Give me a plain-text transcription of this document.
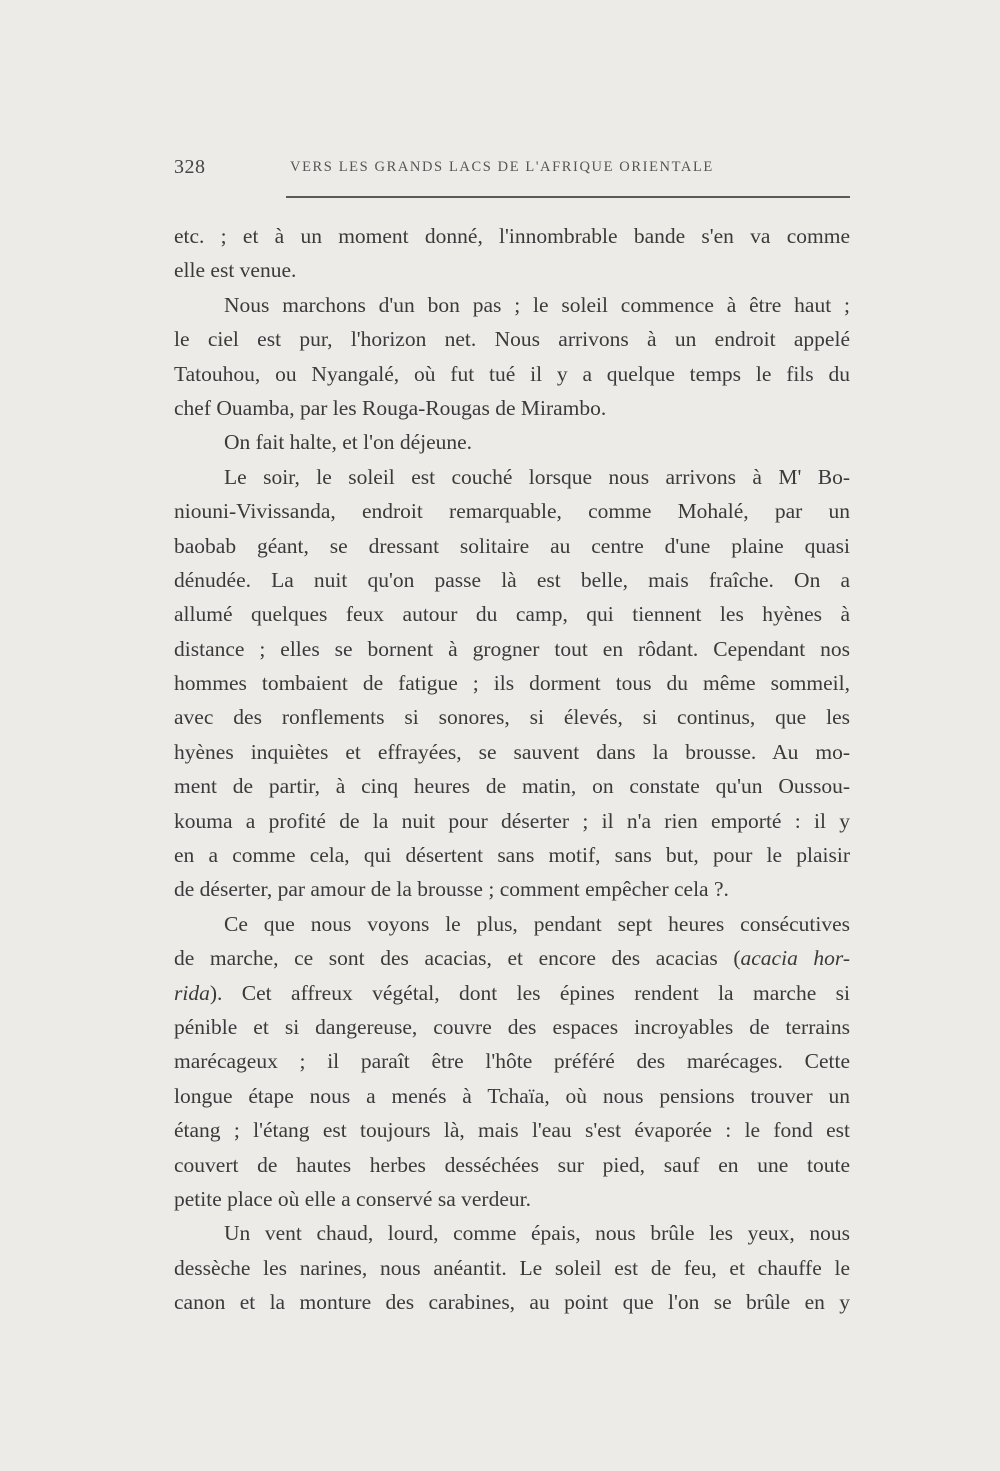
328	VERS LES GRANDS LACS DE L'AFRIQUE ORIENTALE
etc. ; et à un moment donné, l'innombrable bande s'en va comme
elle est venue.
Nous marchons d'un bon pas ; le soleil commence à être haut ;
le ciel est pur, l'horizon net. Nous arrivons à un endroit appelé
Tatouhou, ou Nyangalé, où fut tué il y a quelque temps le fils du
chef Ouamba, par les Rouga-Rougas de Mirambo.
On fait halte, et l'on déjeune.
Le soir, le soleil est couché lorsque nous arrivons à M' Bo-
niouni-Vivissanda, endroit remarquable, comme Mohalé, par un
baobab géant, se dressant solitaire au centre d'une plaine quasi
dénudée. La nuit qu'on passe là est belle, mais fraîche. On a
allumé quelques feux autour du camp, qui tiennent les hyènes à
distance ; elles se bornent à grogner tout en rôdant. Cependant nos
hommes tombaient de fatigue ; ils dorment tous du même sommeil,
avec des ronflements si sonores, si élevés, si continus, que les
hyènes inquiètes et effrayées, se sauvent dans la brousse. Au mo-
ment de partir, à cinq heures de matin, on constate qu'un Oussou-
kouma a profité de la nuit pour déserter ; il n'a rien emporté : il y
en a comme cela, qui désertent sans motif, sans but, pour le plaisir
de déserter, par amour de la brousse ; comment empêcher cela ?.
Ce que nous voyons le plus, pendant sept heures consécutives
de marche, ce sont des acacias, et encore des acacias (acacia hor-
rida). Cet affreux végétal, dont les épines rendent la marche si
pénible et si dangereuse, couvre des espaces incroyables de terrains
marécageux ; il paraît être l'hôte préféré des marécages. Cette
longue étape nous a menés à Tchaïa, où nous pensions trouver un
étang ; l'étang est toujours là, mais l'eau s'est évaporée : le fond est
couvert de hautes herbes desséchées sur pied, sauf en une toute
petite place où elle a conservé sa verdeur.
Un vent chaud, lourd, comme épais, nous brûle les yeux, nous
dessèche les narines, nous anéantit. Le soleil est de feu, et chauffe le
canon et la monture des carabines, au point que l'on se brûle en y
